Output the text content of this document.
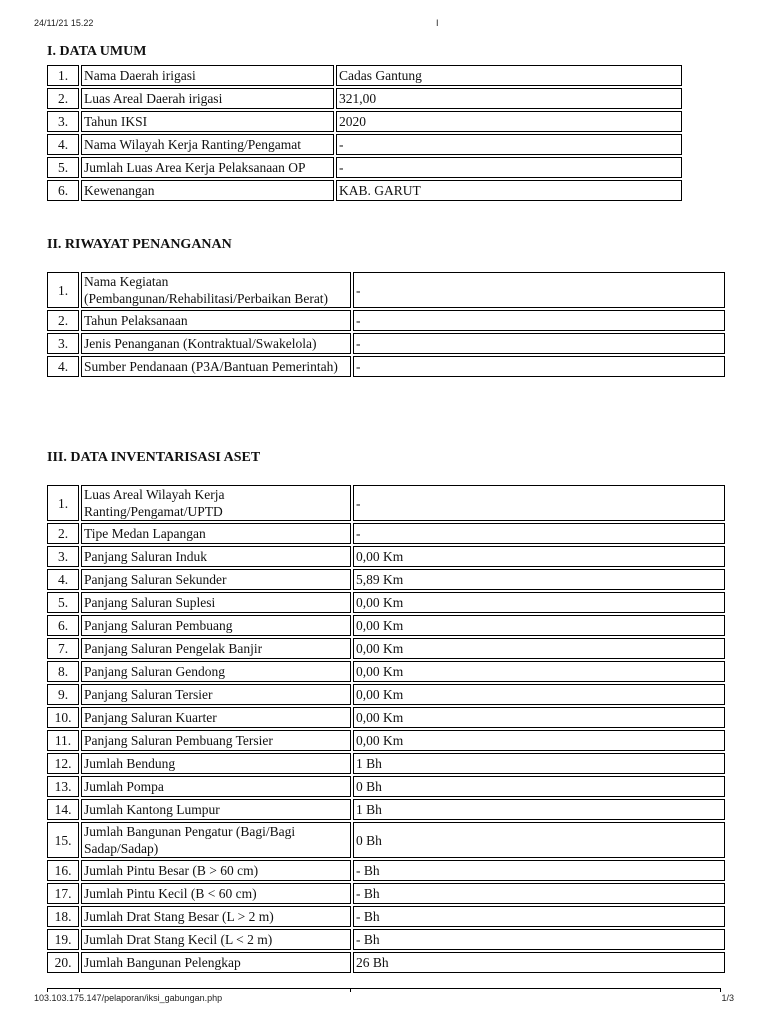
24/11/21 15.22	I
I. DATA UMUM
1.	Nama Daerah irigasi	Cadas Gantung
2.	Luas Areal Daerah irigasi	321,00
3.	Tahun IKSI	2020
4.	Nama Wilayah Kerja Ranting/Pengamat	-
5.	Jumlah Luas Area Kerja Pelaksanaan OP	-
6.	Kewenangan	KAB. GARUT
II. RIWAYAT PENANGANAN
1.	Nama Kegiatan (Pembangunan/Rehabilitasi/Perbaikan Berat)	-
2.	Tahun Pelaksanaan	-
3.	Jenis Penanganan (Kontraktual/Swakelola)	-
4.	Sumber Pendanaan (P3A/Bantuan Pemerintah)	-
III. DATA INVENTARISASI ASET
1.	Luas Areal Wilayah Kerja Ranting/Pengamat/UPTD	-
2.	Tipe Medan Lapangan	-
3.	Panjang Saluran Induk	0,00 Km
4.	Panjang Saluran Sekunder	5,89 Km
5.	Panjang Saluran Suplesi	0,00 Km
6.	Panjang Saluran Pembuang	0,00 Km
7.	Panjang Saluran Pengelak Banjir	0,00 Km
8.	Panjang Saluran Gendong	0,00 Km
9.	Panjang Saluran Tersier	0,00 Km
10.	Panjang Saluran Kuarter	0,00 Km
11.	Panjang Saluran Pembuang Tersier	0,00 Km
12.	Jumlah Bendung	1 Bh
13.	Jumlah Pompa	0 Bh
14.	Jumlah Kantong Lumpur	1 Bh
15.	Jumlah Bangunan Pengatur (Bagi/Bagi Sadap/Sadap)	0 Bh
16.	Jumlah Pintu Besar (B > 60 cm)	- Bh
17.	Jumlah Pintu Kecil (B < 60 cm)	- Bh
18.	Jumlah Drat Stang Besar (L > 2 m)	- Bh
19.	Jumlah Drat Stang Kecil (L < 2 m)	- Bh
20.	Jumlah Bangunan Pelengkap	26 Bh
103.103.175.147/pelaporan/iksi_gabungan.php	1/3
